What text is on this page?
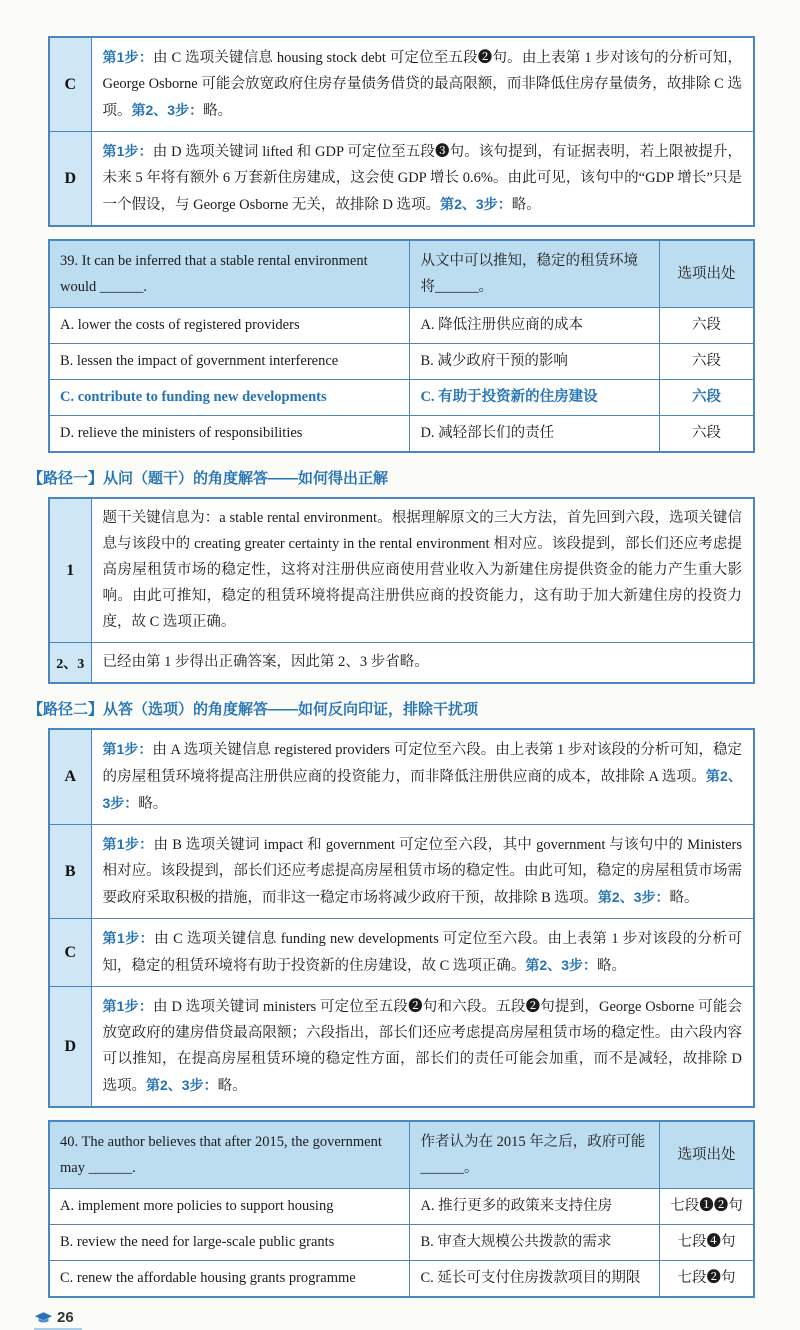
C	第1步：由 C 选项关键信息 housing stock debt 可定位至五段❷句。由上表第 1 步对该句的分析可知，George Osborne 可能会放宽政府住房存量债务借贷的最高限额，而非降低住房存量债务，故排除 C 选项。第2、3步：略。
D	第1步：由 D 选项关键词 lifted 和 GDP 可定位至五段❸句。该句提到，有证据表明，若上限被提升，未来 5 年将有额外 6 万套新住房建成，这会使 GDP 增长 0.6%。由此可见，该句中的“GDP 增长”只是一个假设，与 George Osborne 无关，故排除 D 选项。第2、3步：略。
39. It can be inferred that a stable rental environment would ______.	从文中可以推知，稳定的租赁环境将______。	选项出处
A. lower the costs of registered providers	A. 降低注册供应商的成本	六段
B. lessen the impact of government interference	B. 减少政府干预的影响	六段
C. contribute to funding new developments	C. 有助于投资新的住房建设	六段
D. relieve the ministers of responsibilities	D. 减轻部长们的责任	六段
【路径一】从问（题干）的角度解答——如何得出正解
1	题干关键信息为：a stable rental environment。根据理解原文的三大方法，首先回到六段，选项关键信息与该段中的 creating greater certainty in the rental environment 相对应。该段提到，部长们还应考虑提高房屋租赁市场的稳定性，这将对注册供应商使用营业收入为新建住房提供资金的能力产生重大影响。由此可推知，稳定的租赁环境将提高注册供应商的投资能力，这有助于加大新建住房的投资力度，故 C 选项正确。
2、3	已经由第 1 步得出正确答案，因此第 2、3 步省略。
【路径二】从答（选项）的角度解答——如何反向印证，排除干扰项
A	第1步：由 A 选项关键信息 registered providers 可定位至六段。由上表第 1 步对该段的分析可知，稳定的房屋租赁环境将提高注册供应商的投资能力，而非降低注册供应商的成本，故排除 A 选项。第2、3步：略。
B	第1步：由 B 选项关键词 impact 和 government 可定位至六段，其中 government 与该句中的 Ministers 相对应。该段提到，部长们还应考虑提高房屋租赁市场的稳定性。由此可知，稳定的房屋租赁市场需要政府采取积极的措施，而非这一稳定市场将减少政府干预，故排除 B 选项。第2、3步：略。
C	第1步：由 C 选项关键信息 funding new developments 可定位至六段。由上表第 1 步对该段的分析可知，稳定的租赁环境将有助于投资新的住房建设，故 C 选项正确。第2、3步：略。
D	第1步：由 D 选项关键词 ministers 可定位至五段❷句和六段。五段❷句提到，George Osborne 可能会放宽政府的建房借贷最高限额；六段指出，部长们还应考虑提高房屋租赁市场的稳定性。由六段内容可以推知，在提高房屋租赁环境的稳定性方面，部长们的责任可能会加重，而不是减轻，故排除 D 选项。第2、3步：略。
40. The author believes that after 2015, the government may ______.	作者认为在 2015 年之后，政府可能______。	选项出处
A. implement more policies to support housing	A. 推行更多的政策来支持住房	七段❶❷句
B. review the need for large-scale public grants	B. 审查大规模公共拨款的需求	七段❹句
C. renew the affordable housing grants programme	C. 延长可支付住房拨款项目的期限	七段❷句
26
